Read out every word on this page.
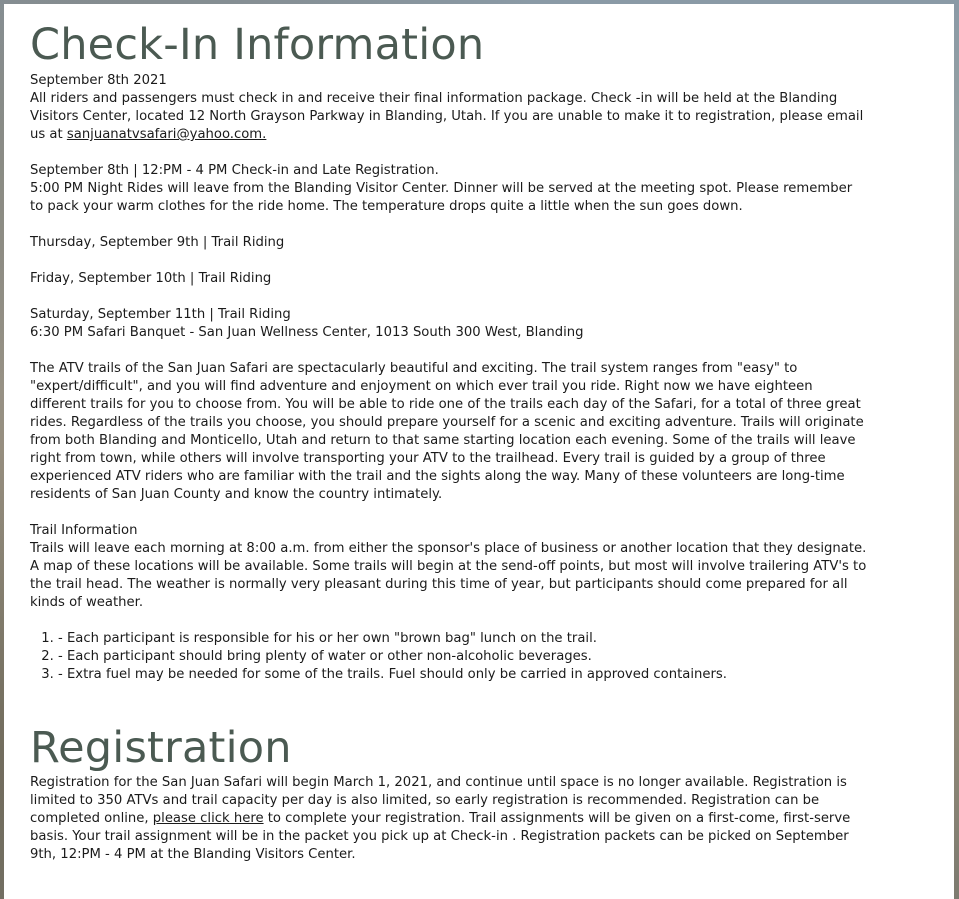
Check-In Information
September 8th 2021
All riders and passengers must check in and receive their final information package. Check -in will be held at the Blanding
Visitors Center, located 12 North Grayson Parkway in Blanding, Utah. If you are unable to make it to registration, please email
us at sanjuanatvsafari@yahoo.com.
September 8th | 12:PM - 4 PM Check-in and Late Registration.
5:00 PM Night Rides will leave from the Blanding Visitor Center. Dinner will be served at the meeting spot. Please remember
to pack your warm clothes for the ride home. The temperature drops quite a little when the sun goes down.
Thursday, September 9th | Trail Riding
Friday, September 10th | Trail Riding
Saturday, September 11th | Trail Riding
6:30 PM Safari Banquet - San Juan Wellness Center, 1013 South 300 West, Blanding
The ATV trails of the San Juan Safari are spectacularly beautiful and exciting. The trail system ranges from "easy" to
"expert/difficult", and you will find adventure and enjoyment on which ever trail you ride. Right now we have eighteen
different trails for you to choose from. You will be able to ride one of the trails each day of the Safari, for a total of three great
rides. Regardless of the trails you choose, you should prepare yourself for a scenic and exciting adventure. Trails will originate
from both Blanding and Monticello, Utah and return to that same starting location each evening. Some of the trails will leave
right from town, while others will involve transporting your ATV to the trailhead. Every trail is guided by a group of three
experienced ATV riders who are familiar with the trail and the sights along the way. Many of these volunteers are long-time
residents of San Juan County and know the country intimately.
Trail Information
Trails will leave each morning at 8:00 a.m. from either the sponsor's place of business or another location that they designate.
A map of these locations will be available. Some trails will begin at the send-off points, but most will involve trailering ATV's to
the trail head. The weather is normally very pleasant during this time of year, but participants should come prepared for all
kinds of weather.
1. - Each participant is responsible for his or her own "brown bag" lunch on the trail.
2. - Each participant should bring plenty of water or other non-alcoholic beverages.
3. - Extra fuel may be needed for some of the trails. Fuel should only be carried in approved containers.
Registration
Registration for the San Juan Safari will begin March 1, 2021, and continue until space is no longer available. Registration is
limited to 350 ATVs and trail capacity per day is also limited, so early registration is recommended. Registration can be
completed online, please click here to complete your registration. Trail assignments will be given on a first-come, first-serve
basis. Your trail assignment will be in the packet you pick up at Check-in . Registration packets can be picked on September
9th, 12:PM - 4 PM at the Blanding Visitors Center.
